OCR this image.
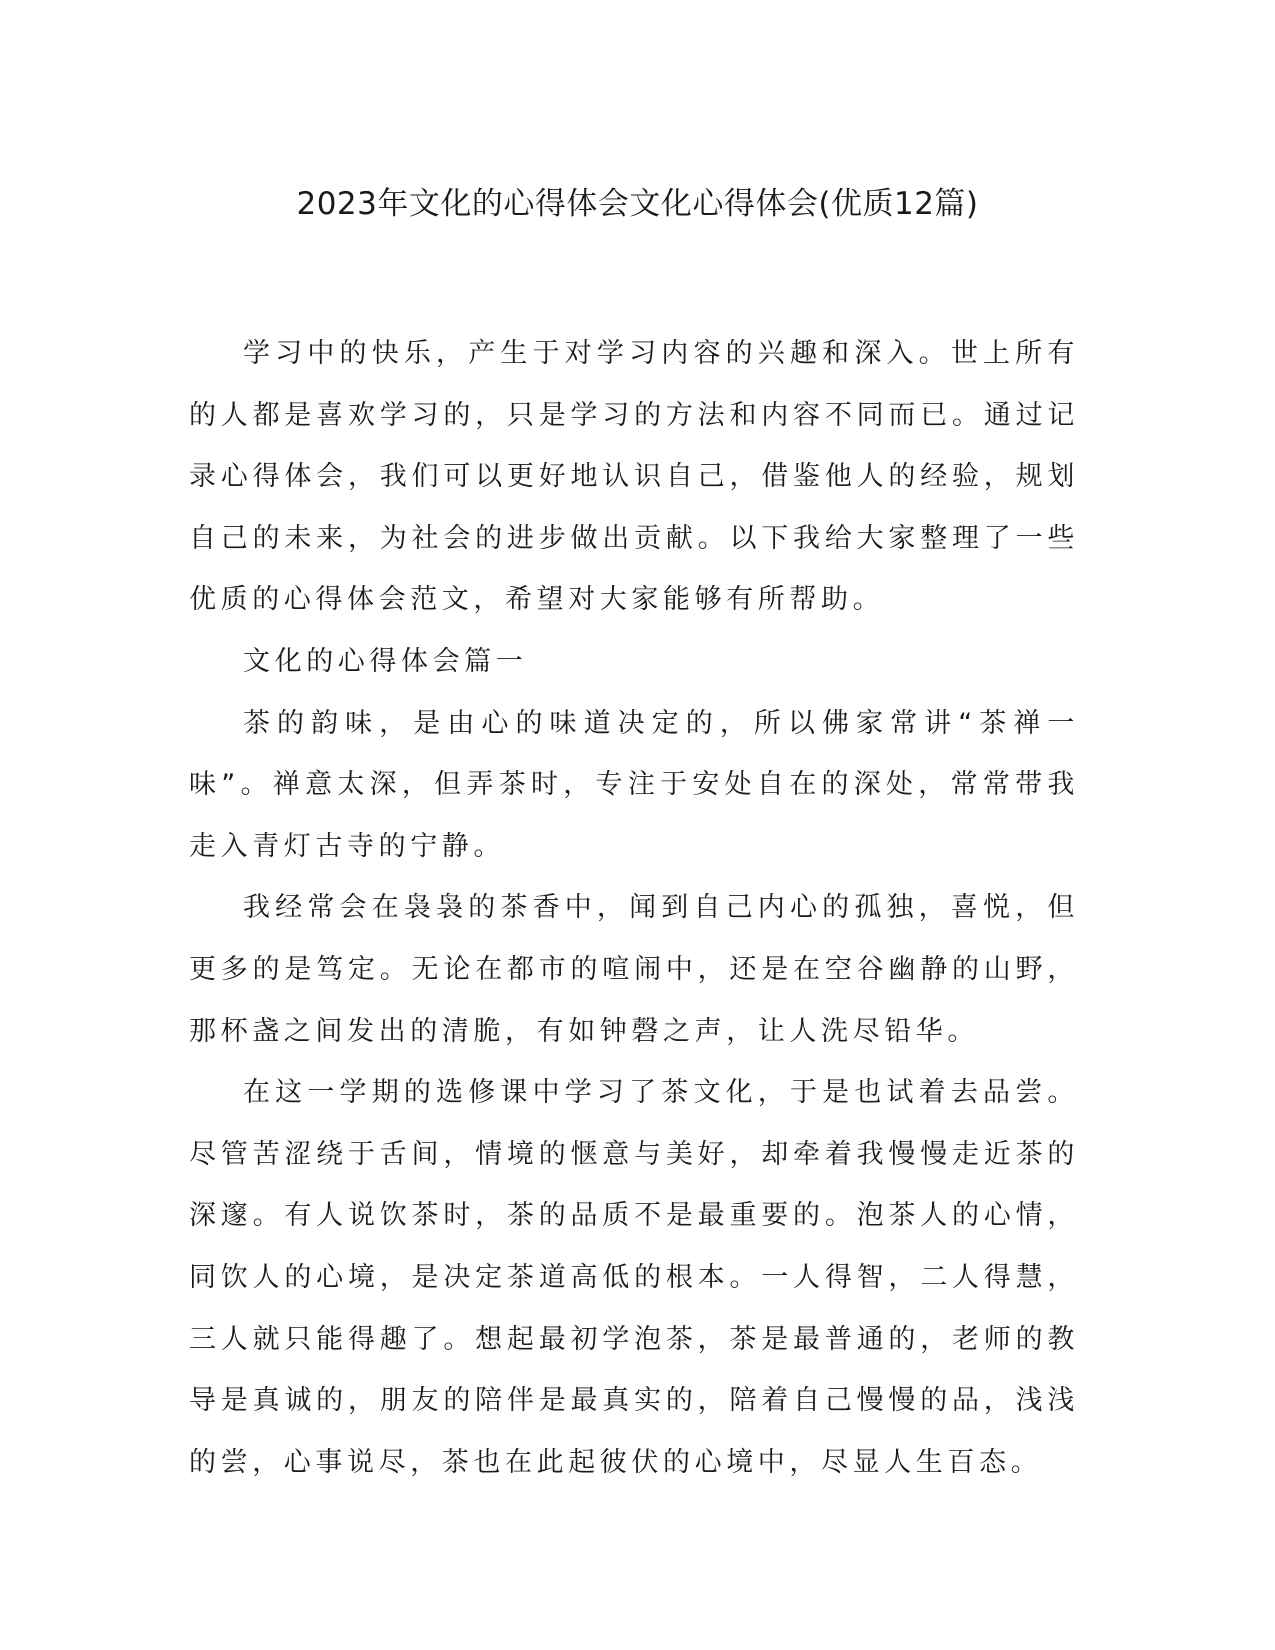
2023年文化的心得体会文化心得体会(优质12篇)

学习中的快乐，产生于对学习内容的兴趣和深入。世上所有的人都是喜欢学习的，只是学习的方法和内容不同而已。通过记录心得体会，我们可以更好地认识自己，借鉴他人的经验，规划自己的未来，为社会的进步做出贡献。以下我给大家整理了一些优质的心得体会范文，希望对大家能够有所帮助。

文化的心得体会篇一

茶的韵味，是由心的味道决定的，所以佛家常讲“茶禅一味”。禅意太深，但弄茶时，专注于安处自在的深处，常常带我走入青灯古寺的宁静。

我经常会在袅袅的茶香中，闻到自己内心的孤独，喜悦，但更多的是笃定。无论在都市的喧闹中，还是在空谷幽静的山野，那杯盏之间发出的清脆，有如钟磬之声，让人洗尽铅华。

在这一学期的选修课中学习了茶文化，于是也试着去品尝。尽管苦涩绕于舌间，情境的惬意与美好，却牵着我慢慢走近茶的深邃。有人说饮茶时，茶的品质不是最重要的。泡茶人的心情，同饮人的心境，是决定茶道高低的根本。一人得智，二人得慧，三人就只能得趣了。想起最初学泡茶，茶是最普通的，老师的教导是真诚的，朋友的陪伴是最真实的，陪着自己慢慢的品，浅浅的尝，心事说尽，茶也在此起彼伏的心境中，尽显人生百态。
